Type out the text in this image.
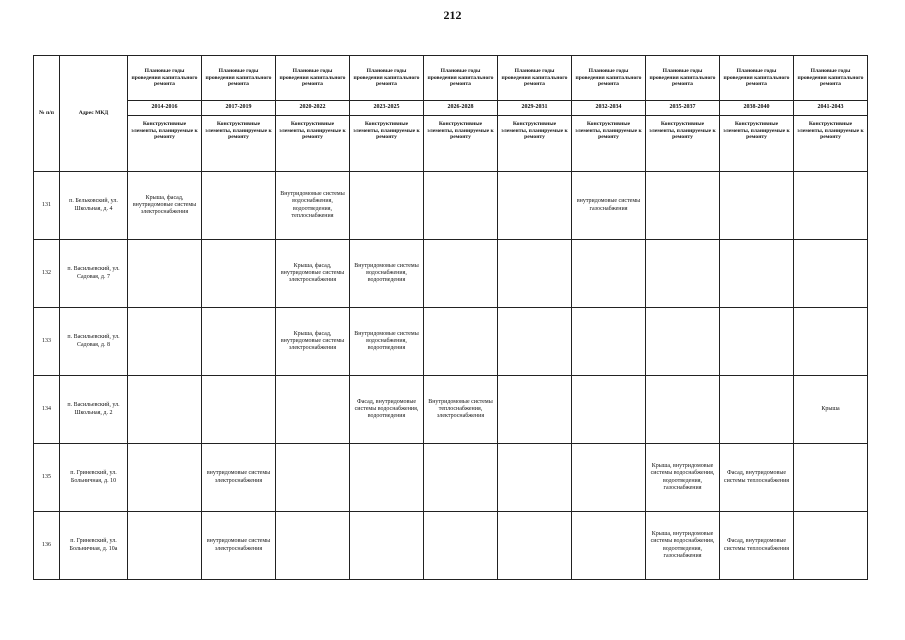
212
№ п/п	Адрес МКД	Плановые годы проведения капитального ремонта	Плановые годы проведения капитального ремонта	Плановые годы проведения капитального ремонта	Плановые годы проведения капитального ремонта	Плановые годы проведения капитального ремонта	Плановые годы проведения капитального ремонта	Плановые годы проведения капитального ремонта	Плановые годы проведения капитального ремонта	Плановые годы проведения капитального ремонта	Плановые годы проведения капитального ремонта
		2014-2016	2017-2019	2020-2022	2023-2025	2026-2028	2029-2031	2032-2034	2035-2037	2038-2040	2041-2043
		Конструктивные элементы, планируемые к ремонту	Конструктивные элементы, планируемые к ремонту	Конструктивные элементы, планируемые к ремонту	Конструктивные элементы, планируемые к ремонту	Конструктивные элементы, планируемые к ремонту	Конструктивные элементы, планируемые к ремонту	Конструктивные элементы, планируемые к ремонту	Конструктивные элементы, планируемые к ремонту	Конструктивные элементы, планируемые к ремонту	Конструктивные элементы, планируемые к ремонту
131	п. Бельковский, ул. Школьная, д. 4	Крыша, фасад, внутридомовые системы электроснабжения		Внутридомовые системы водоснабжения, водоотведения, теплоснабжения				внутридомовые системы газоснабжения			
132	п. Васильевский, ул. Садовая, д. 7			Крыша, фасад, внутридомовые системы электроснабжения	Внутридомовые системы водоснабжения, водоотведения						
133	п. Васильевский, ул. Садовая, д. 8			Крыша, фасад, внутридомовые системы электроснабжения	Внутридомовые системы водоснабжения, водоотведения						
134	п. Васильевский, ул. Школьная, д. 2				Фасад, внутридомовые системы водоснабжения, водоотведения	Внутридомовые системы теплоснабжения, электроснабжения					Крыша
135	п. Гриневский, ул. Больничная, д. 10		внутридомовые системы электроснабжения						Крыша, внутридомовые системы водоснабжения, водоотведения, газоснабжения	Фасад, внутридомовые системы теплоснабжения	
136	п. Гриневский, ул. Больничная, д. 10а		внутридомовые системы электроснабжения						Крыша, внутридомовые системы водоснабжения, водоотведения, газоснабжения	Фасад, внутридомовые системы теплоснабжения	
